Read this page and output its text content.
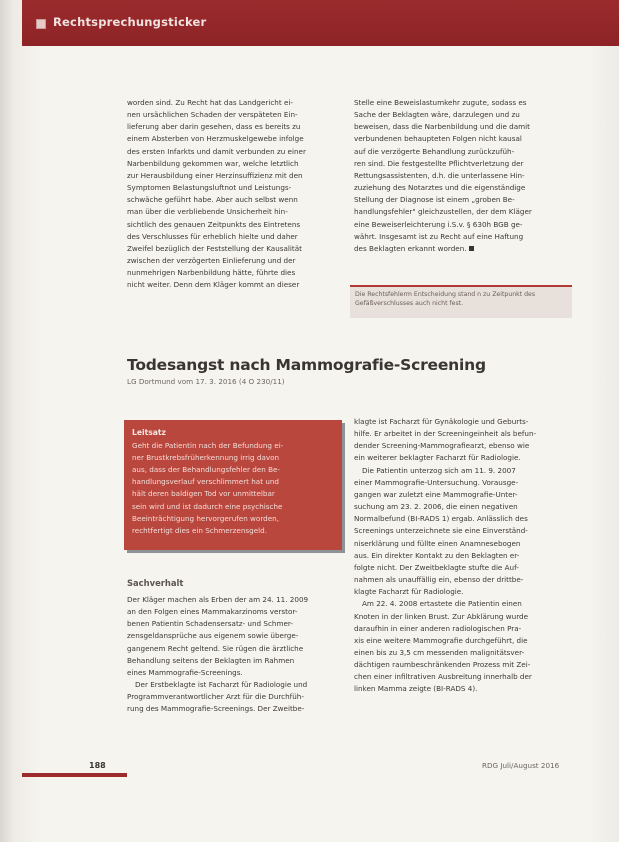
Rechtsprechungsticker

worden sind. Zu Recht hat das Landgericht ei-

nen ursächlichen Schaden der verspäteten Ein-

lieferung aber darin gesehen, dass es bereits zu

einem Absterben von Herzmuskelgewebe infolge

des ersten Infarkts und damit verbunden zu einer

Narbenbildung gekommen war, welche letztlich

zur Herausbildung einer Herzinsuffizienz mit den

Symptomen Belastungsluftnot und Leistungs-

schwäche geführt habe. Aber auch selbst wenn

man über die verbliebende Unsicherheit hin-

sichtlich des genauen Zeitpunkts des Eintretens

des Verschlusses für erheblich hielte und daher

Zweifel bezüglich der Feststellung der Kausalität

zwischen der verzögerten Einlieferung und der

nunmehrigen Narbenbildung hätte, führte dies

nicht weiter. Denn dem Kläger kommt an dieser

Stelle eine Beweislastumkehr zugute, sodass es

Sache der Beklagten wäre, darzulegen und zu

beweisen, dass die Narbenbildung und die damit

verbundenen behaupteten Folgen nicht kausal

auf die verzögerte Behandlung zurückzufüh-

ren sind. Die festgestellte Pflichtverletzung der

Rettungsassistenten, d.h. die unterlassene Hin-

zuziehung des Notarztes und die eigenständige

Stellung der Diagnose ist einem „groben Be-

handlungsfehler" gleichzustellen, der dem Kläger

eine Beweiserleichterung i.S.v. § 630h BGB ge-

währt. Insgesamt ist zu Recht auf eine Haftung

des Beklagten erkannt worden.

Die Rechtsfehlerm Entscheidung stand n zu Zeitpunkt des Gefäßverschlusses auch nicht fest.
Todesangst nach Mammografie-Screening
LG Dortmund vom 17. 3. 2016 (4 O 230/11)
Leitsatz

Geht die Patientin nach der Befundung ei-

ner Brustkrebsfrüherkennung irrig davon

aus, dass der Behandlungsfehler den Be-

handlungsverlauf verschlimmert hat und

hält deren baldigen Tod vor unmittelbar

sein wird und ist dadurch eine psychische

Beeinträchtigung hervorgerufen worden,

rechtfertigt dies ein Schmerzensgeld.

Sachverhalt

Der Kläger machen als Erben der am 24. 11. 2009

an den Folgen eines Mammakarzinoms verstor-

benen Patientin Schadensersatz- und Schmer-

zensgeldansprüche aus eigenem sowie überge-

gangenem Recht geltend. Sie rügen die ärztliche

Behandlung seitens der Beklagten im Rahmen

eines Mammografie-Screenings.

Der Erstbeklagte ist Facharzt für Radiologie und

Programmverantwortlicher Arzt für die Durchfüh-

rung des Mammografie-Screenings. Der Zweitbe-

klagte ist Facharzt für Gynäkologie und Geburts-

hilfe. Er arbeitet in der Screeningeinheit als befun-

dender Screening-Mammografiearzt, ebenso wie

ein weiterer beklagter Facharzt für Radiologie.

Die Patientin unterzog sich am 11. 9. 2007

einer Mammografie-Untersuchung. Vorausge-

gangen war zuletzt eine Mammografie-Unter-

suchung am 23. 2. 2006, die einen negativen

Normalbefund (BI-RADS 1) ergab. Anlässlich des

Screenings unterzeichnete sie eine Einverständ-

niserklärung und füllte einen Anamnesebogen

aus. Ein direkter Kontakt zu den Beklagten er-

folgte nicht. Der Zweitbeklagte stufte die Auf-

nahmen als unauffällig ein, ebenso der drittbe-

klagte Facharzt für Radiologie.

Am 22. 4. 2008 ertastete die Patientin einen

Knoten in der linken Brust. Zur Abklärung wurde

daraufhin in einer anderen radiologischen Pra-

xis eine weitere Mammografie durchgeführt, die

einen bis zu 3,5 cm messenden malignitätsver-

dächtigen raumbeschränkenden Prozess mit Zei-

chen einer infiltrativen Ausbreitung innerhalb der

linken Mamma zeigte (BI-RADS 4).

188	RDG Juli/August 2016
